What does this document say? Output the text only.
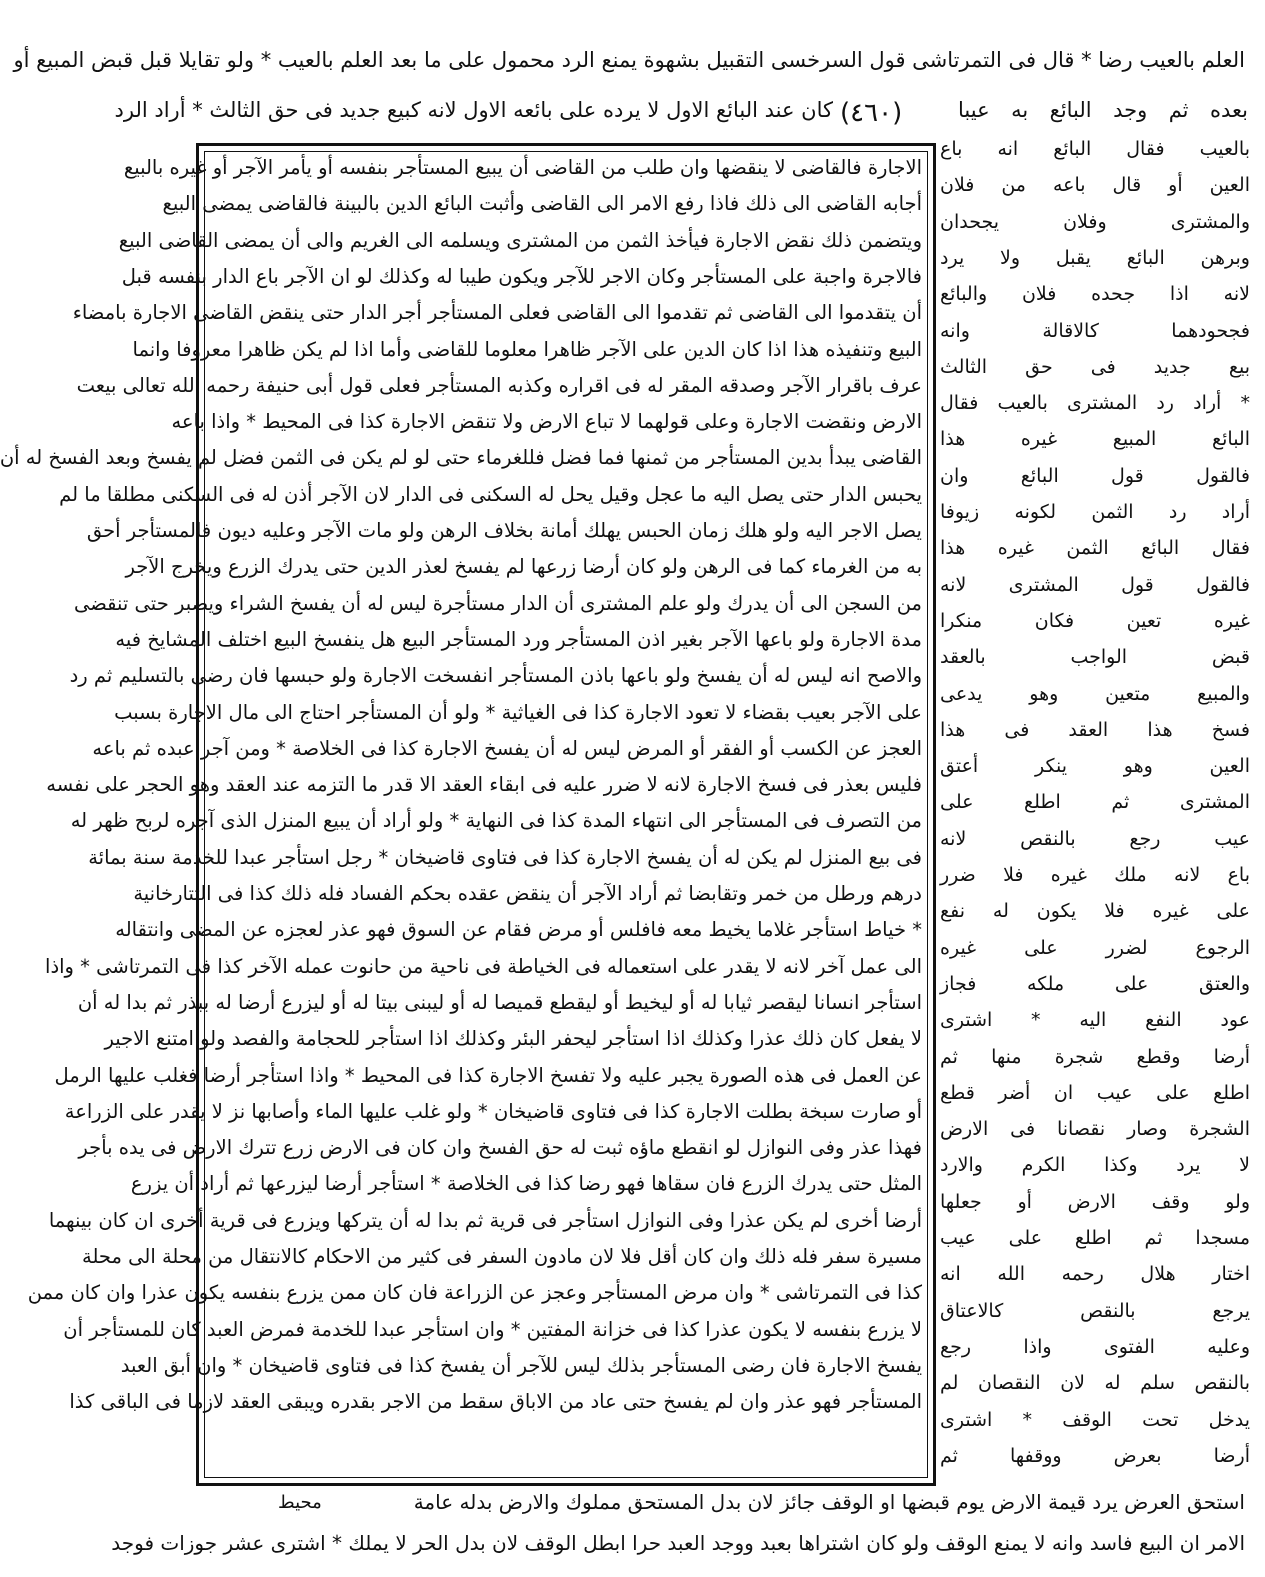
العلم بالعيب رضا * قال فى التمرتاشى قول السرخسى التقبيل بشهوة يمنع الرد محمول على ما بعد العلم بالعيب * ولو تقايلا قبل قبض المبيع أو
بعده ثم وجد البائع به عيبا
(٤٦٠)
كان عند البائع الاول لا يرده على بائعه الاول لانه كبيع جديد فى حق الثالث * أراد الرد
الاجارة فالقاضى لا ينقضها وان طلب من القاضى أن يبيع المستأجر بنفسه أو يأمر الآجر أو غيره بالبيع
أجابه القاضى الى ذلك فاذا رفع الامر الى القاضى وأثبت البائع الدين بالبينة فالقاضى يمضى البيع
ويتضمن ذلك نقض الاجارة فيأخذ الثمن من المشترى ويسلمه الى الغريم والى أن يمضى القاضى البيع
فالاجرة واجبة على المستأجر وكان الاجر للآجر ويكون طيبا له وكذلك لو ان الآجر باع الدار بنفسه قبل
أن يتقدموا الى القاضى ثم تقدموا الى القاضى فعلى المستأجر أجر الدار حتى ينقض القاضى الاجارة بامضاء
البيع وتنفيذه هذا اذا كان الدين على الآجر ظاهرا معلوما للقاضى وأما اذا لم يكن ظاهرا معروفا وانما
عرف باقرار الآجر وصدقه المقر له فى اقراره وكذبه المستأجر فعلى قول أبى حنيفة رحمه الله تعالى بيعت
الارض ونقضت الاجارة وعلى قولهما لا تباع الارض ولا تنقض الاجارة كذا فى المحيط * واذا باعه
القاضى يبدأ بدين المستأجر من ثمنها فما فضل فللغرماء حتى لو لم يكن فى الثمن فضل لم يفسخ وبعد الفسخ له أن
يحبس الدار حتى يصل اليه ما عجل وقيل يحل له السكنى فى الدار لان الآجر أذن له فى السكنى مطلقا ما لم
يصل الاجر اليه ولو هلك زمان الحبس يهلك أمانة بخلاف الرهن ولو مات الآجر وعليه ديون فالمستأجر أحق
به من الغرماء كما فى الرهن ولو كان أرضا زرعها لم يفسخ لعذر الدين حتى يدرك الزرع ويخرج الآجر
من السجن الى أن يدرك ولو علم المشترى أن الدار مستأجرة ليس له أن يفسخ الشراء ويصبر حتى تنقضى
مدة الاجارة ولو باعها الآجر بغير اذن المستأجر ورد المستأجر البيع هل ينفسخ البيع اختلف المشايخ فيه
والاصح انه ليس له أن يفسخ ولو باعها باذن المستأجر انفسخت الاجارة ولو حبسها فان رضى بالتسليم ثم رد
على الآجر بعيب بقضاء لا تعود الاجارة كذا فى الغياثية * ولو أن المستأجر احتاج الى مال الاجارة بسبب
العجز عن الكسب أو الفقر أو المرض ليس له أن يفسخ الاجارة كذا فى الخلاصة * ومن آجر عبده ثم باعه
فليس بعذر فى فسخ الاجارة لانه لا ضرر عليه فى ابقاء العقد الا قدر ما التزمه عند العقد وهو الحجر على نفسه
من التصرف فى المستأجر الى انتهاء المدة كذا فى النهاية * ولو أراد أن يبيع المنزل الذى آجره لربح ظهر له
فى بيع المنزل لم يكن له أن يفسخ الاجارة كذا فى فتاوى قاضيخان * رجل استأجر عبدا للخدمة سنة بمائة
درهم ورطل من خمر وتقابضا ثم أراد الآجر أن ينقض عقده بحكم الفساد فله ذلك كذا فى التتارخانية
* خياط استأجر غلاما يخيط معه فافلس أو مرض فقام عن السوق فهو عذر لعجزه عن المضى وانتقاله
الى عمل آخر لانه لا يقدر على استعماله فى الخياطة فى ناحية من حانوت عمله الآخر كذا فى التمرتاشى * واذا
استأجر انسانا ليقصر ثيابا له أو ليخيط أو ليقطع قميصا له أو ليبنى بيتا له أو ليزرع أرضا له ببذر ثم بدا له أن
لا يفعل كان ذلك عذرا وكذلك اذا استأجر ليحفر البئر وكذلك اذا استأجر للحجامة والفصد ولو امتنع الاجير
عن العمل فى هذه الصورة يجبر عليه ولا تفسخ الاجارة كذا فى المحيط * واذا استأجر أرضا فغلب عليها الرمل
أو صارت سبخة بطلت الاجارة كذا فى فتاوى قاضيخان * ولو غلب عليها الماء وأصابها نز لا يقدر على الزراعة
فهذا عذر وفى النوازل لو انقطع ماؤه ثبت له حق الفسخ وان كان فى الارض زرع تترك الارض فى يده بأجر
المثل حتى يدرك الزرع فان سقاها فهو رضا كذا فى الخلاصة * استأجر أرضا ليزرعها ثم أراد أن يزرع
أرضا أخرى لم يكن عذرا وفى النوازل استأجر فى قرية ثم بدا له أن يتركها ويزرع فى قرية أخرى ان كان بينهما
مسيرة سفر فله ذلك وان كان أقل فلا لان مادون السفر فى كثير من الاحكام كالانتقال من محلة الى محلة
كذا فى التمرتاشى * وان مرض المستأجر وعجز عن الزراعة فان كان ممن يزرع بنفسه يكون عذرا وان كان ممن
لا يزرع بنفسه لا يكون عذرا كذا فى خزانة المفتين * وان استأجر عبدا للخدمة فمرض العبد كان للمستأجر أن
يفسخ الاجارة فان رضى المستأجر بذلك ليس للآجر أن يفسخ كذا فى فتاوى قاضيخان * وان أبق العبد
المستأجر فهو عذر وان لم يفسخ حتى عاد من الاباق سقط من الاجر بقدره ويبقى العقد لازما فى الباقى كذا
بالعيب فقال البائع انه باع
العين أو قال باعه من فلان
والمشترى وفلان يجحدان
وبرهن البائع يقبل ولا يرد
لانه اذا جحده فلان والبائع
فجحودهما كالاقالة وانه
بيع جديد فى حق الثالث
* أراد رد المشترى بالعيب فقال
البائع المبيع غيره هذا
فالقول قول البائع وان
أراد رد الثمن لكونه زيوفا
فقال البائع الثمن غيره هذا
فالقول قول المشترى لانه
غيره تعين فكان منكرا
قبض الواجب بالعقد
والمبيع متعين وهو يدعى
فسخ هذا العقد فى هذا
العين وهو ينكر أعتق
المشترى ثم اطلع على
عيب رجع بالنقص لانه
باع لانه ملك غيره فلا ضرر
على غيره فلا يكون له نفع
الرجوع لضرر على غيره
والعتق على ملكه فجاز
عود النفع اليه * اشترى
أرضا وقطع شجرة منها ثم
اطلع على عيب ان أضر قطع
الشجرة وصار نقصانا فى الارض
لا يرد وكذا الكرم والارد
ولو وقف الارض أو جعلها
مسجدا ثم اطلع على عيب
اختار هلال رحمه الله انه
يرجع بالنقص كالاعتاق
وعليه الفتوى واذا رجع
بالنقص سلم له لان النقصان لم
يدخل تحت الوقف * اشترى
أرضا بعرض ووقفها ثم
استحق العرض يرد قيمة الارض يوم قبضها او الوقف جائز لان بدل المستحق مملوك والارض بدله عامة
محيط
الامر ان البيع فاسد وانه لا يمنع الوقف ولو كان اشتراها بعبد ووجد العبد حرا ابطل الوقف لان بدل الحر لا يملك * اشترى عشر جوزات فوجد
